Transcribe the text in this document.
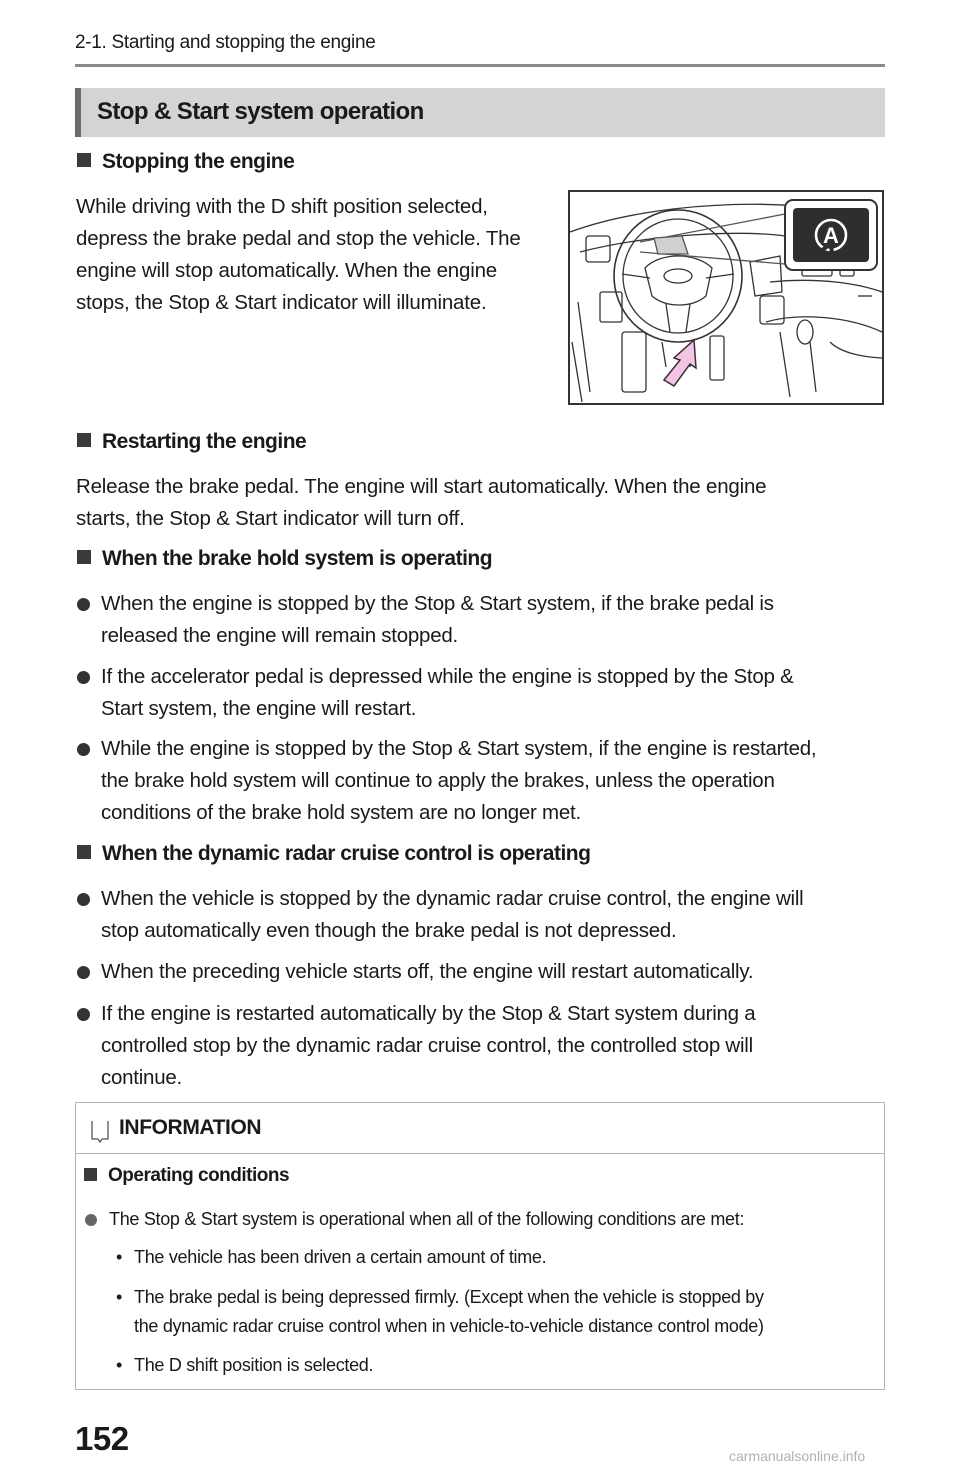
2-1. Starting and stopping the engine
Stop & Start system operation
Stopping the engine
While driving with the D shift position selected,
depress the brake pedal and stop the vehicle. The
engine will stop automatically. When the engine
stops, the Stop & Start indicator will illuminate.
A
Restarting the engine
Release the brake pedal. The engine will start automatically. When the engine
starts, the Stop & Start indicator will turn off.
When the brake hold system is operating
When the engine is stopped by the Stop & Start system, if the brake pedal is
released the engine will remain stopped.
If the accelerator pedal is depressed while the engine is stopped by the Stop &
Start system, the engine will restart.
While the engine is stopped by the Stop & Start system, if the engine is restarted,
the brake hold system will continue to apply the brakes, unless the operation
conditions of the brake hold system are no longer met.
When the dynamic radar cruise control is operating
When the vehicle is stopped by the dynamic radar cruise control, the engine will
stop automatically even though the brake pedal is not depressed.
When the preceding vehicle starts off, the engine will restart automatically.
If the engine is restarted automatically by the Stop & Start system during a
controlled stop by the dynamic radar cruise control, the controlled stop will
continue.
INFORMATION
Operating conditions
The Stop & Start system is operational when all of the following conditions are met:
• The vehicle has been driven a certain amount of time.
• The brake pedal is being depressed firmly. (Except when the vehicle is stopped by
the dynamic radar cruise control when in vehicle-to-vehicle distance control mode)
• The D shift position is selected.
152	carmanualsonline.info
